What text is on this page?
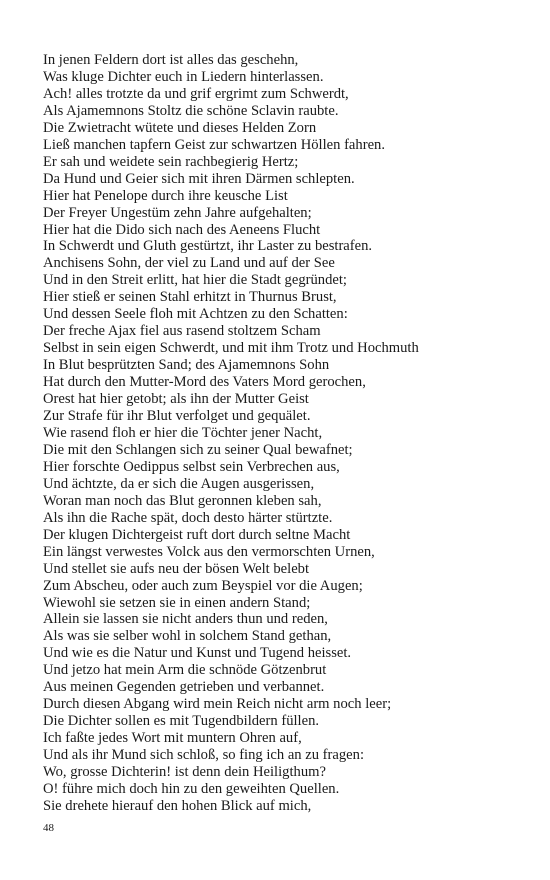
In jenen Feldern dort ist alles das geschehn,
Was kluge Dichter euch in Liedern hinterlassen.
Ach! alles trotzte da und grif ergrimt zum Schwerdt,
Als Ajamemnons Stoltz die schöne Sclavin raubte.
Die Zwietracht wütete und dieses Helden Zorn
Ließ manchen tapfern Geist zur schwartzen Höllen fahren.
Er sah und weidete sein rachbegierig Hertz;
Da Hund und Geier sich mit ihren Därmen schlepten.
Hier hat Penelope durch ihre keusche List
Der Freyer Ungestüm zehn Jahre aufgehalten;
Hier hat die Dido sich nach des Aeneens Flucht
In Schwerdt und Gluth gestürtzt, ihr Laster zu bestrafen.
Anchisens Sohn, der viel zu Land und auf der See
Und in den Streit erlitt, hat hier die Stadt gegründet;
Hier stieß er seinen Stahl erhitzt in Thurnus Brust,
Und dessen Seele floh mit Achtzen zu den Schatten:
Der freche Ajax fiel aus rasend stoltzem Scham
Selbst in sein eigen Schwerdt, und mit ihm Trotz und Hochmuth
In Blut besprützten Sand; des Ajamemnons Sohn
Hat durch den Mutter-Mord des Vaters Mord gerochen,
Orest hat hier getobt; als ihn der Mutter Geist
Zur Strafe für ihr Blut verfolget und gequälet.
Wie rasend floh er hier die Töchter jener Nacht,
Die mit den Schlangen sich zu seiner Qual bewafnet;
Hier forschte Oedippus selbst sein Verbrechen aus,
Und ächtzte, da er sich die Augen ausgerissen,
Woran man noch das Blut geronnen kleben sah,
Als ihn die Rache spät, doch desto härter stürtzte.
Der klugen Dichtergeist ruft dort durch seltne Macht
Ein längst verwestes Volck aus den vermorschten Urnen,
Und stellet sie aufs neu der bösen Welt belebt
Zum Abscheu, oder auch zum Beyspiel vor die Augen;
Wiewohl sie setzen sie in einen andern Stand;
Allein sie lassen sie nicht anders thun und reden,
Als was sie selber wohl in solchem Stand gethan,
Und wie es die Natur und Kunst und Tugend heisset.
Und jetzo hat mein Arm die schnöde Götzenbrut
Aus meinen Gegenden getrieben und verbannet.
Durch diesen Abgang wird mein Reich nicht arm noch leer;
Die Dichter sollen es mit Tugendbildern füllen.
Ich faßte jedes Wort mit muntern Ohren auf,
Und als ihr Mund sich schloß, so fing ich an zu fragen:
Wo, grosse Dichterin! ist denn dein Heiligthum?
O! führe mich doch hin zu den geweihten Quellen.
Sie drehete hierauf den hohen Blick auf mich,
48
